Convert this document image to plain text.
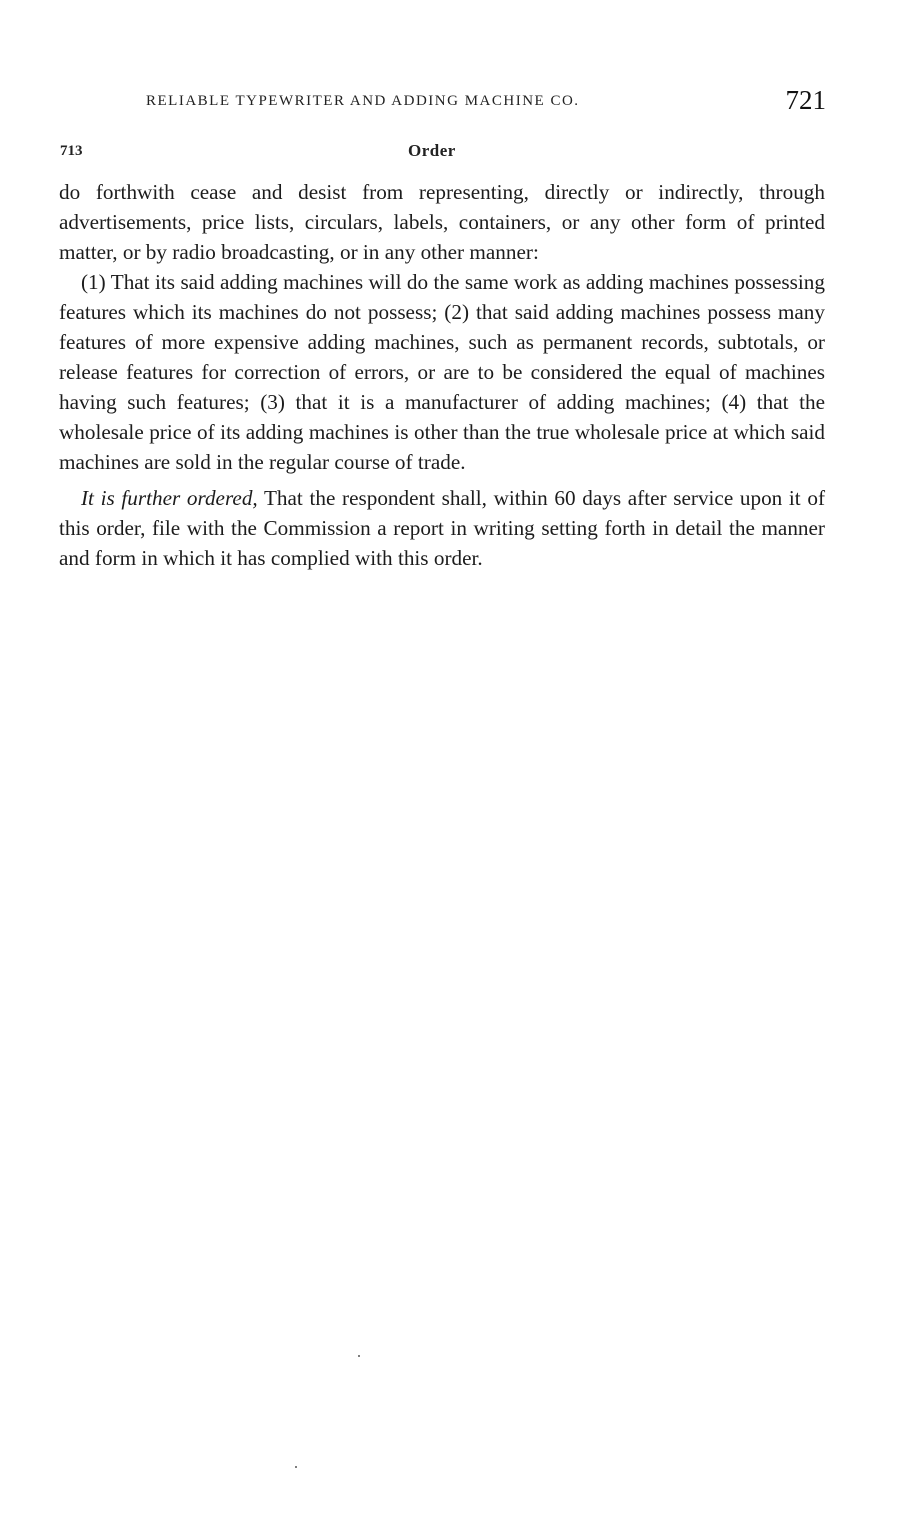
RELIABLE TYPEWRITER AND ADDING MACHINE CO.	721
713	Order

do forthwith cease and desist from representing, directly or indirectly, through advertisements, price lists, circulars, labels, containers, or any other form of printed matter, or by radio broadcasting, or in any other manner:

(1) That its said adding machines will do the same work as adding machines possessing features which its machines do not possess; (2) that said adding machines possess many features of more expensive adding machines, such as permanent records, subtotals, or release features for correction of errors, or are to be considered the equal of machines having such features; (3) that it is a manufacturer of adding machines; (4) that the wholesale price of its adding machines is other than the true wholesale price at which said machines are sold in the regular course of trade.

It is further ordered, That the respondent shall, within 60 days after service upon it of this order, file with the Commission a report in writing setting forth in detail the manner and form in which it has complied with this order.
